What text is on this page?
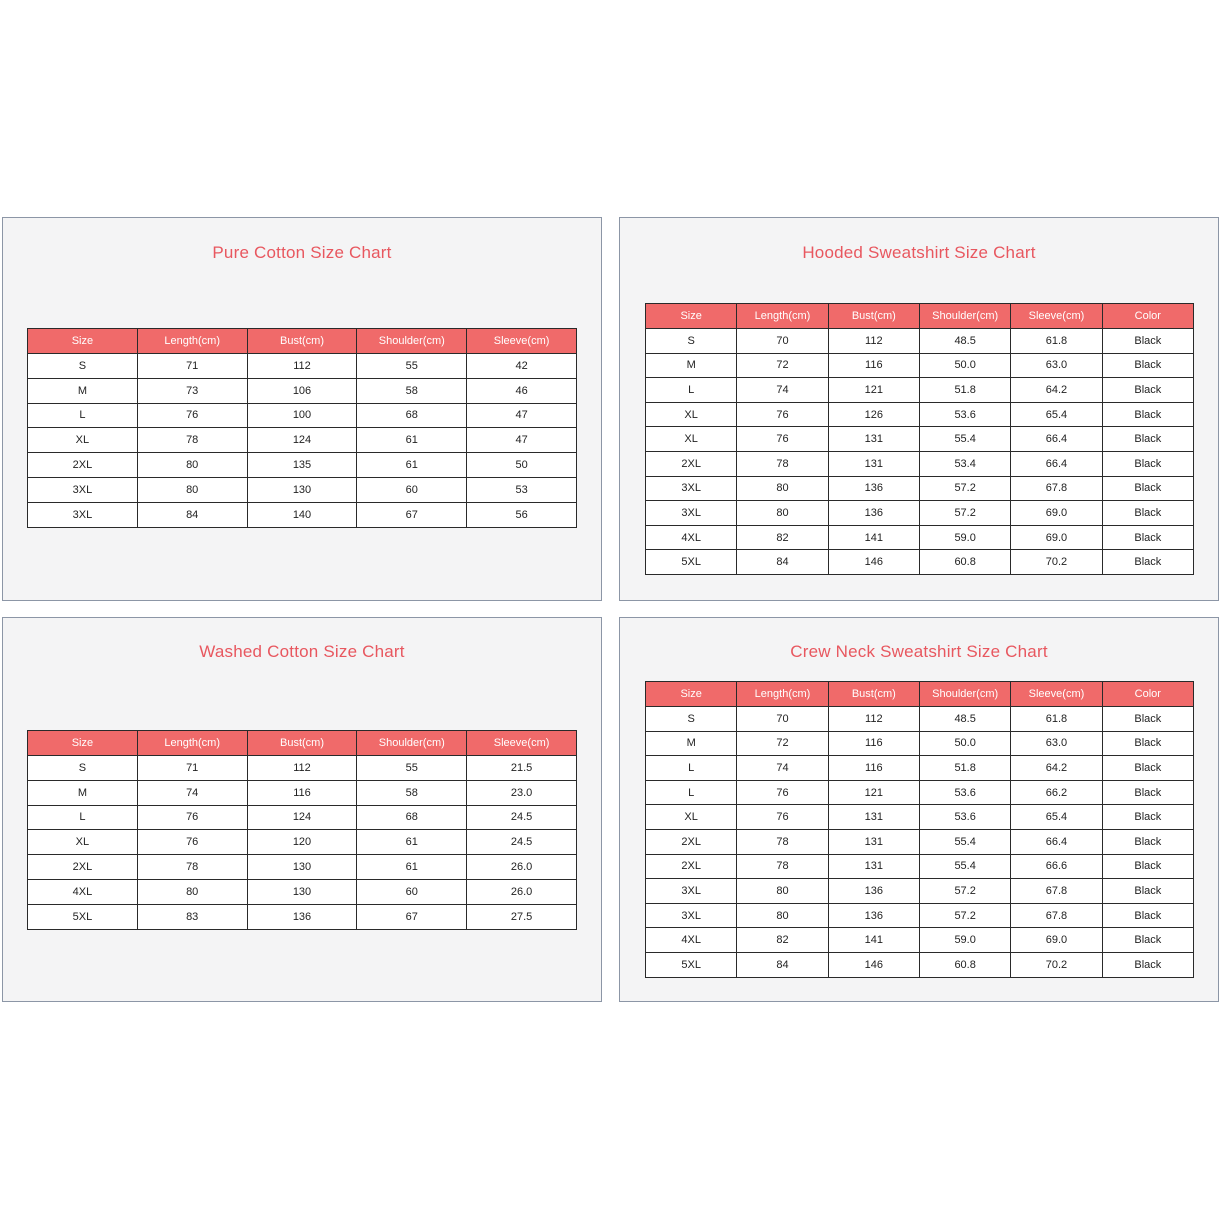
Pure Cotton Size Chart
Size	Length(cm)	Bust(cm)	Shoulder(cm)	Sleeve(cm)
S	71	112	55	42
M	73	106	58	46
L	76	100	68	47
XL	78	124	61	47
2XL	80	135	61	50
3XL	80	130	60	53
3XL	84	140	67	56
Hooded Sweatshirt Size Chart
Size	Length(cm)	Bust(cm)	Shoulder(cm)	Sleeve(cm)	Color
S	70	112	48.5	61.8	Black
M	72	116	50.0	63.0	Black
L	74	121	51.8	64.2	Black
XL	76	126	53.6	65.4	Black
XL	76	131	55.4	66.4	Black
2XL	78	131	53.4	66.4	Black
3XL	80	136	57.2	67.8	Black
3XL	80	136	57.2	69.0	Black
4XL	82	141	59.0	69.0	Black
5XL	84	146	60.8	70.2	Black
Washed Cotton Size Chart
Size	Length(cm)	Bust(cm)	Shoulder(cm)	Sleeve(cm)
S	71	112	55	21.5
M	74	116	58	23.0
L	76	124	68	24.5
XL	76	120	61	24.5
2XL	78	130	61	26.0
4XL	80	130	60	26.0
5XL	83	136	67	27.5
Crew Neck Sweatshirt Size Chart
Size	Length(cm)	Bust(cm)	Shoulder(cm)	Sleeve(cm)	Color
S	70	112	48.5	61.8	Black
M	72	116	50.0	63.0	Black
L	74	116	51.8	64.2	Black
L	76	121	53.6	66.2	Black
XL	76	131	53.6	65.4	Black
2XL	78	131	55.4	66.4	Black
2XL	78	131	55.4	66.6	Black
3XL	80	136	57.2	67.8	Black
3XL	80	136	57.2	67.8	Black
4XL	82	141	59.0	69.0	Black
5XL	84	146	60.8	70.2	Black
